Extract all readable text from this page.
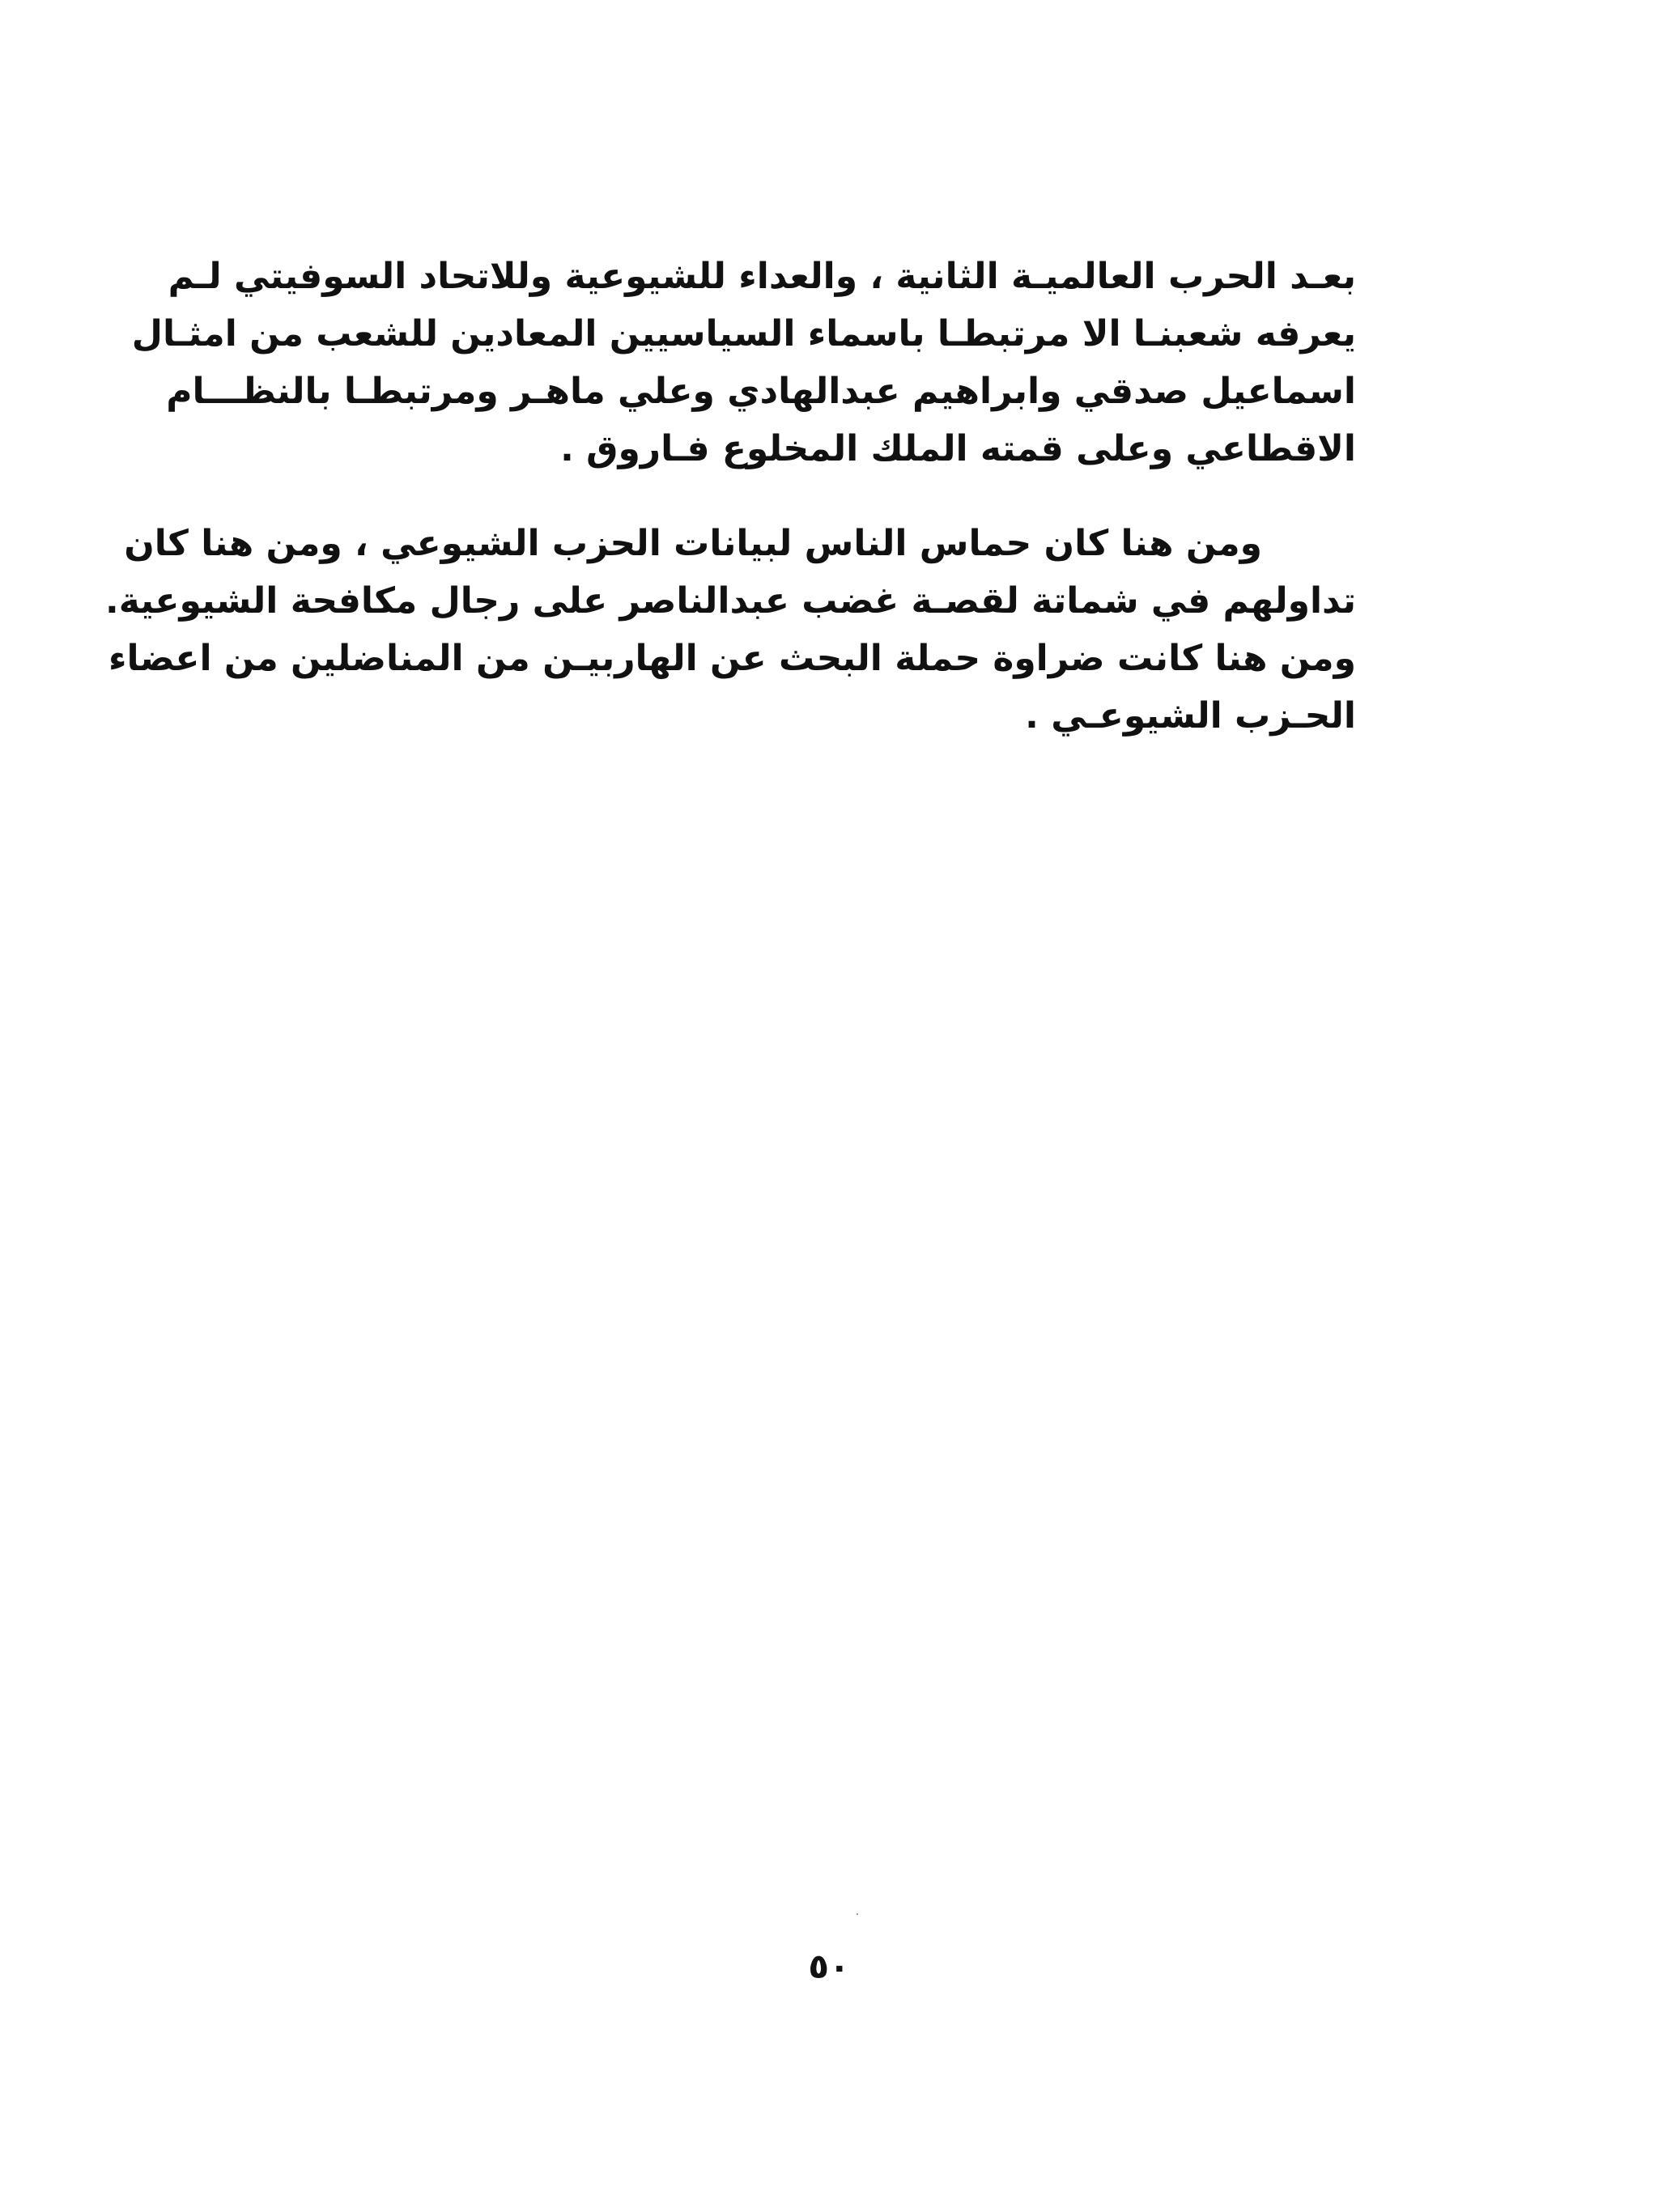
بعـد الحرب العالميـة الثانية ، والعداء للشيوعية وللاتحاد السوفيتي لـم
يعرفه شعبنـا الا مرتبطـا باسماء السياسيين المعادين للشعب من امثـال
اسماعيل صدقي وابراهيم عبدالهادي وعلي ماهـر ومرتبطـا بالنظـــام
الاقطاعي وعلى قمته الملك المخلوع فـاروق .
ومن هنا كان حماس الناس لبيانات الحزب الشيوعي ، ومن هنا كان
تداولهم في شماتة لقصـة غضب عبدالناصر على رجال مكافحة الشيوعية.
ومن هنا كانت ضراوة حملة البحث عن الهاربيـن من المناضلين من اعضاء
الحـزب الشيوعـي .
٥٠
